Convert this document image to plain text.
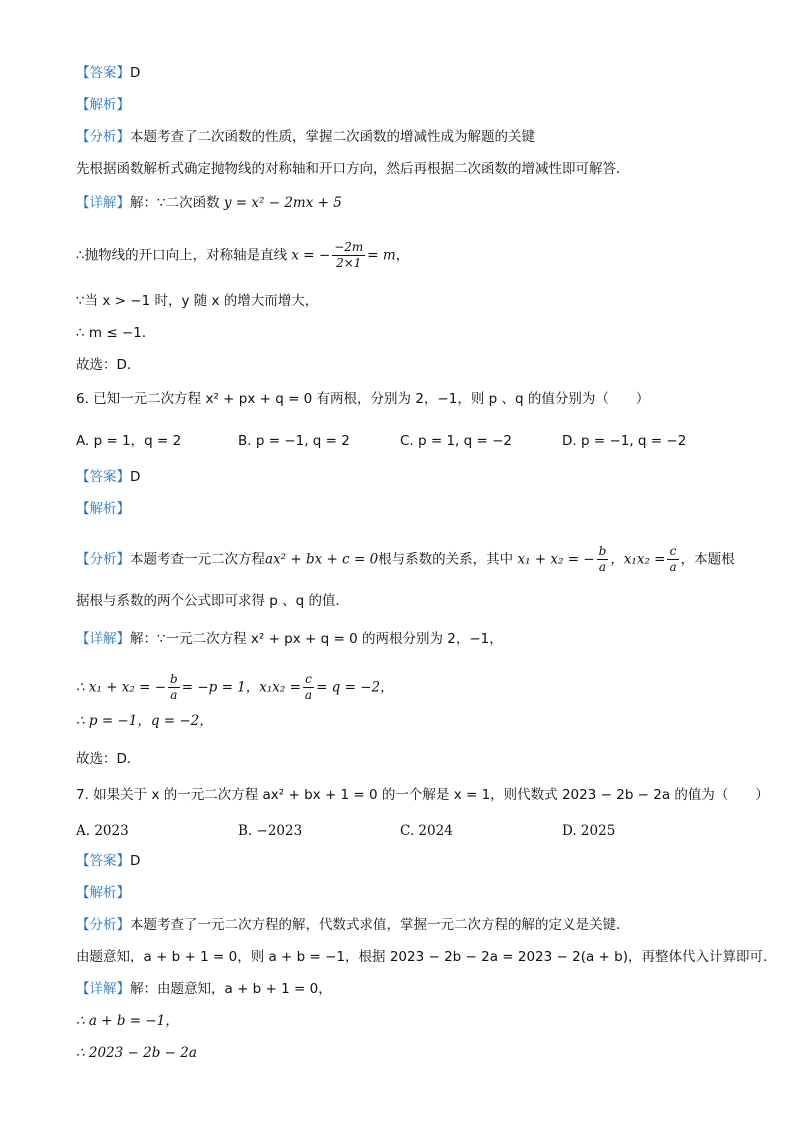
【答案】D
【解析】
【分析】本题考查了二次函数的性质，掌握二次函数的增减性成为解题的关键
先根据函数解析式确定抛物线的对称轴和开口方向，然后再根据二次函数的增减性即可解答．
【详解】解：∵二次函数 y = x² − 2mx + 5
∴抛物线的开口向上，对称轴是直线 x = − $\frac{-2m}{2\times 1} = m$，
∵当 x > −1 时，y 随 x 的增大而增大，
∴ m ≤ −1．
故选：D．
6. 已知一元二次方程 x² + px + q = 0 有两根，分别为 2，−1，则 p 、q 的值分别为（　　）
A. p = 1，q = 2	B. p = −1, q = 2	C. p = 1, q = −2	D. p = −1, q = −2
【答案】D
【解析】
【分析】本题考查一元二次方程ax² + bx + c = 0根与系数的关系，其中 x₁ + x₂ = − $\frac{b}{a}$ ，$x_1x_2 = \frac{c}{a}$ ，本题根
据根与系数的两个公式即可求得 p 、q 的值．
【详解】解：∵一元二次方程 x² + px + q = 0 的两根分别为 2，−1，
∴ x₁ + x₂ = − $\frac{b}{a} = -p = 1$，$x_1x_2 = \frac{c}{a} = q = -2$，
∴ p = −1，q = −2，
故选：D．
7. 如果关于 x 的一元二次方程 ax² + bx + 1 = 0 的一个解是 x = 1，则代数式 2023 − 2b − 2a 的值为（　　）
A. 2023	B. −2023	C. 2024	D. 2025
【答案】D
【解析】
【分析】本题考查了一元二次方程的解，代数式求值，掌握一元二次方程的解的定义是关键．
由题意知，a + b + 1 = 0，则 a + b = −1，根据 2023 − 2b − 2a = 2023 − 2(a + b)，再整体代入计算即可．
【详解】解：由题意知，a + b + 1 = 0，
∴ a + b = −1，
∴ 2023 − 2b − 2a
